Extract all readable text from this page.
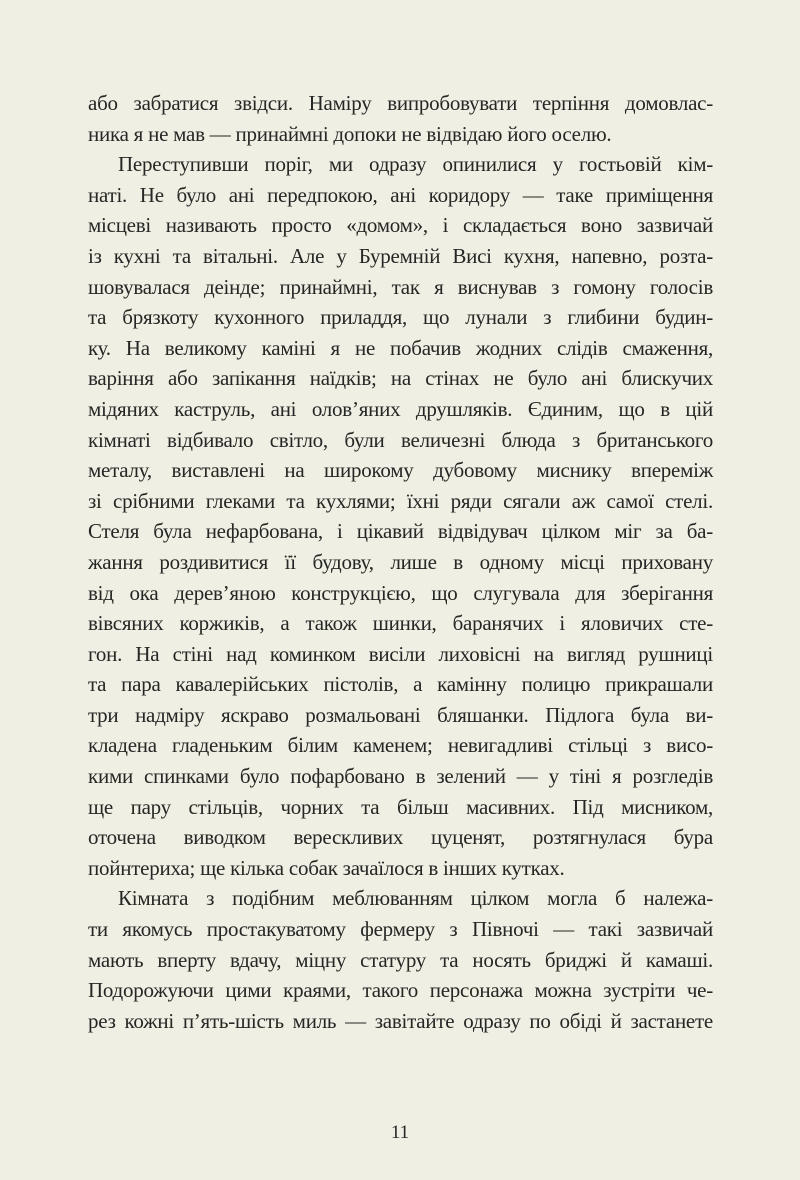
або забратися звідси. Наміру випробовувати терпіння домовлас-
ника я не мав — принаймні допоки не відвідаю його оселю.
Переступивши поріг, ми одразу опинилися у гостьовій кім-
наті. Не було ані передпокою, ані коридору — таке приміщення
місцеві називають просто «домом», і складається воно зазвичай
із кухні та вітальні. Але у Буремній Висі кухня, напевно, розта-
шовувалася деінде; принаймні, так я виснував з гомону голосів
та брязкоту кухонного приладдя, що лунали з глибини будин-
ку. На великому каміні я не побачив жодних слідів смаження,
варіння або запікання наїдків; на стінах не було ані блискучих
мідяних каструль, ані олов’яних друшляків. Єдиним, що в цій
кімнаті відбивало світло, були величезні блюда з британського
металу, виставлені на широкому дубовому миснику впереміж
зі срібними глеками та кухлями; їхні ряди сягали аж самої стелі.
Стеля була нефарбована, і цікавий відвідувач цілком міг за ба-
жання роздивитися її будову, лише в одному місці приховану
від ока дерев’яною конструкцією, що слугувала для зберігання
вівсяних коржиків, а також шинки, баранячих і яловичих сте-
гон. На стіні над коминком висіли лиховісні на вигляд рушниці
та пара кавалерійських пістолів, а камінну полицю прикрашали
три надміру яскраво розмальовані бляшанки. Підлога була ви-
кладена гладеньким білим каменем; невигадливі стільці з висо-
кими спинками було пофарбовано в зелений — у тіні я розгледів
ще пару стільців, чорних та більш масивних. Під мисником,
оточена виводком верескливих цуценят, розтягнулася бура
пойнтериха; ще кілька собак зачаїлося в інших кутках.
Кімната з подібним меблюванням цілком могла б належа-
ти якомусь простакуватому фермеру з Півночі — такі зазвичай
мають вперту вдачу, міцну статуру та носять бриджі й камаші.
Подорожуючи цими краями, такого персонажа можна зустріти че-
рез кожні п’ять-шість миль — завітайте одразу по обіді й застанете
11
